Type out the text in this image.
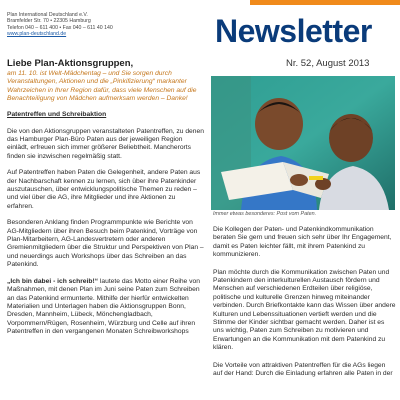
Plan International Deutschland e.V.
Bramfelder Str. 70 • 22305 Hamburg
Telefon 040 – 611 400 • Fax 040 – 611 40 140
www.plan-deutschland.de	Newsletter
Nr. 52, August 2013
Liebe Plan-Aktionsgruppen,

am 11. 10. ist Welt-Mädchentag – und Sie sorgen durch Veranstaltungen, Aktionen und die „Pinkifizierung“ markanter Wahrzeichen in Ihrer Region dafür, dass viele Menschen auf die Benachteiligung von Mädchen aufmerksam werden – Danke!

Patentreffen und Schreibaktion

Die von den Aktionsgruppen veranstalteten Patentreffen, zu denen das Hamburger Plan-Büro Paten aus der jeweiligen Region einlädt, erfreuen sich immer größerer Beliebtheit. Mancherorts finden sie inzwischen regelmäßig statt.

Auf Patentreffen haben Paten die Gelegenheit, andere Paten aus der Nachbarschaft kennen zu lernen, sich über ihre Patenkinder auszutauschen, über entwicklungspolitische Themen zu reden – und viel über die AG, ihre Mitglieder und ihre Aktionen zu erfahren.

Besonderen Anklang finden Programmpunkte wie Berichte von AG-Mitgliedern über ihren Besuch beim Patenkind, Vorträge von Plan-Mitarbeitern, AG-Landesvertretern oder anderen Gremienmitgliedern über die Struktur und Perspektiven von Plan – und neuerdings auch Workshops über das Schreiben an das Patenkind.

„Ich bin dabei - ich schreib!“ lautete das Motto einer Reihe von Maßnahmen, mit denen Plan im Juni seine Paten zum Schreiben an das Patenkind ermunterte. Mithilfe der hierfür entwickelten Materialien und Unterlagen haben die Aktionsgruppen Bonn, Dresden, Mannheim, Lübeck, Mönchengladbach, Vorpommern/Rügen, Rosenheim, Würzburg und Celle auf ihren Patentreffen in den vergangenen Monaten Schreibworkshops

Immer etwas besonderes: Post vom Paten.

Die Kollegen der Paten- und Patenkindkommunikation beraten Sie gern und freuen sich sehr über Ihr Engagement, damit es Paten leichter fällt, mit ihrem Patenkind zu kommunizieren.

Plan möchte durch die Kommunikation zwischen Paten und Patenkindern den interkulturellen Austausch fördern und Menschen auf verschiedenen Erdteilen über religiöse, politische und kulturelle Grenzen hinweg miteinander verbinden. Durch Briefkontakte kann das Wissen über andere Kulturen und Lebenssituationen vertieft werden und die Stimme der Kinder sichtbar gemacht werden. Daher ist es uns wichtig, Paten zum Schreiben zu motivieren und Erwartungen an die Kommunikation mit dem Patenkind zu klären.

Die Vorteile von attraktiven Patentreffen für die AGs liegen auf der Hand: Durch die Einladung erfahren alle Paten in der
